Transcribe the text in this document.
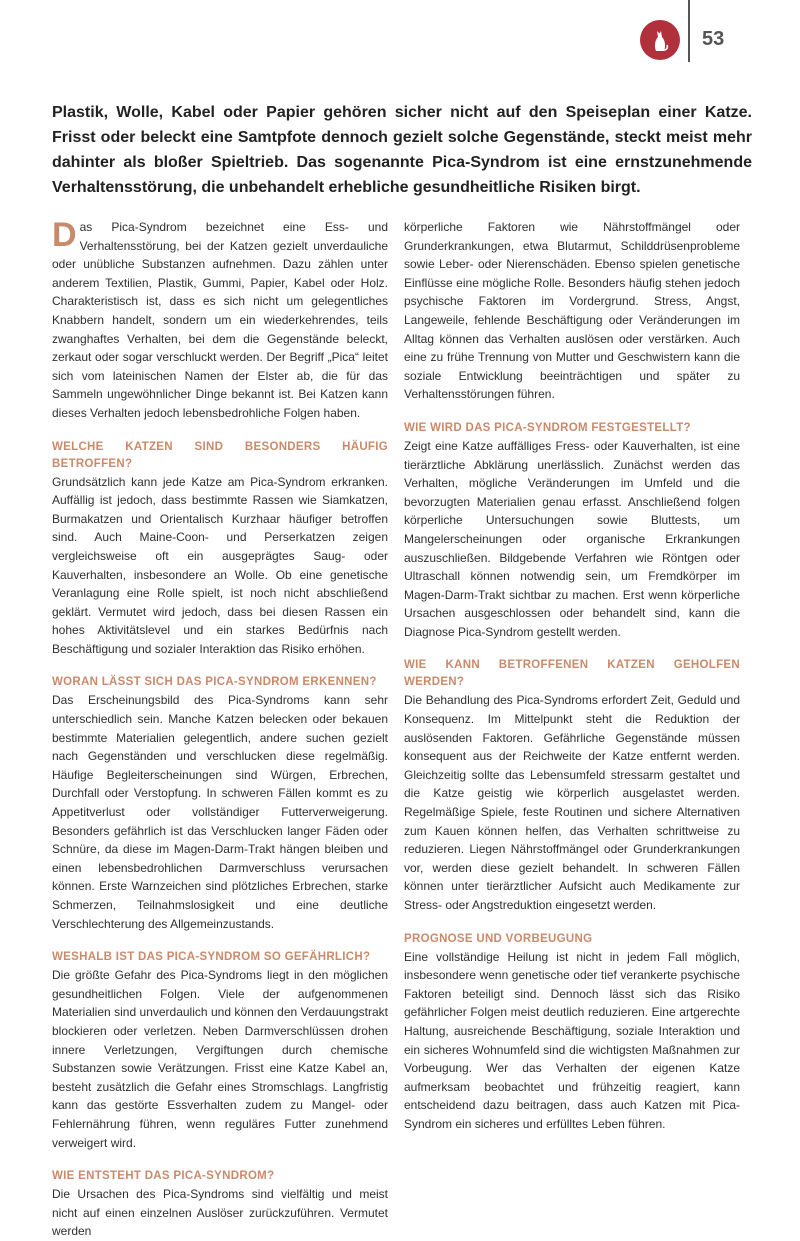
53
Plastik, Wolle, Kabel oder Papier gehören sicher nicht auf den Speiseplan einer Katze. Frisst oder beleckt eine Samtpfote dennoch gezielt solche Gegenstände, steckt meist mehr dahinter als bloßer Spieltrieb. Das sogenannte Pica-Syndrom ist eine ernstzunehmende Verhaltensstörung, die unbehandelt erhebliche gesundheitliche Risiken birgt.

Das Pica-Syndrom bezeichnet eine Ess- und Verhaltensstörung, bei der Katzen gezielt unverdauliche oder unübliche Substanzen aufnehmen. Dazu zählen unter anderem Textilien, Plastik, Gummi, Papier, Kabel oder Holz. Charakteristisch ist, dass es sich nicht um gelegentliches Knabbern handelt, sondern um ein wiederkehrendes, teils zwanghaftes Verhalten, bei dem die Gegenstände beleckt, zerkaut oder sogar verschluckt werden. Der Begriff „Pica“ leitet sich vom lateinischen Namen der Elster ab, die für das Sammeln ungewöhnlicher Dinge bekannt ist. Bei Katzen kann dieses Verhalten jedoch lebensbedrohliche Folgen haben.

WELCHE KATZEN SIND BESONDERS HÄUFIG BETROFFEN?

Grundsätzlich kann jede Katze am Pica-Syndrom erkranken. Auffällig ist jedoch, dass bestimmte Rassen wie Siamkatzen, Burmakatzen und Orientalisch Kurzhaar häufiger betroffen sind. Auch Maine-Coon- und Perserkatzen zeigen vergleichsweise oft ein ausgeprägtes Saug- oder Kauverhalten, insbesondere an Wolle. Ob eine genetische Veranlagung eine Rolle spielt, ist noch nicht abschließend geklärt. Vermutet wird jedoch, dass bei diesen Rassen ein hohes Aktivitätslevel und ein starkes Bedürfnis nach Beschäftigung und sozialer Interaktion das Risiko erhöhen.

WORAN LÄSST SICH DAS PICA-SYNDROM ERKENNEN?

Das Erscheinungsbild des Pica-Syndroms kann sehr unterschiedlich sein. Manche Katzen belecken oder bekauen bestimmte Materialien gelegentlich, andere suchen gezielt nach Gegenständen und verschlucken diese regelmäßig. Häufige Begleiterscheinungen sind Würgen, Erbrechen, Durchfall oder Verstopfung. In schweren Fällen kommt es zu Appetitverlust oder vollständiger Futterverweigerung. Besonders gefährlich ist das Verschlucken langer Fäden oder Schnüre, da diese im Magen-Darm-Trakt hängen bleiben und einen lebensbedrohlichen Darmverschluss verursachen können. Erste Warnzeichen sind plötzliches Erbrechen, starke Schmerzen, Teilnahmslosigkeit und eine deutliche Verschlechterung des Allgemeinzustands.

WESHALB IST DAS PICA-SYNDROM SO GEFÄHRLICH?

Die größte Gefahr des Pica-Syndroms liegt in den möglichen gesundheitlichen Folgen. Viele der aufgenommenen Materialien sind unverdaulich und können den Verdauungstrakt blockieren oder verletzen. Neben Darmverschlüssen drohen innere Verletzungen, Vergiftungen durch chemische Substanzen sowie Verätzungen. Frisst eine Katze Kabel an, besteht zusätzlich die Gefahr eines Stromschlags. Langfristig kann das gestörte Essverhalten zudem zu Mangel- oder Fehlernährung führen, wenn reguläres Futter zunehmend verweigert wird.

WIE ENTSTEHT DAS PICA-SYNDROM?

Die Ursachen des Pica-Syndroms sind vielfältig und meist nicht auf einen einzelnen Auslöser zurückzuführen. Vermutet werden

körperliche Faktoren wie Nährstoffmängel oder Grunderkrankungen, etwa Blutarmut, Schilddrüsenprobleme sowie Leber- oder Nierenschäden. Ebenso spielen genetische Einflüsse eine mögliche Rolle. Besonders häufig stehen jedoch psychische Faktoren im Vordergrund. Stress, Angst, Langeweile, fehlende Beschäftigung oder Veränderungen im Alltag können das Verhalten auslösen oder verstärken. Auch eine zu frühe Trennung von Mutter und Geschwistern kann die soziale Entwicklung beeinträchtigen und später zu Verhaltensstörungen führen.

WIE WIRD DAS PICA-SYNDROM FESTGESTELLT?

Zeigt eine Katze auffälliges Fress- oder Kauverhalten, ist eine tierärztliche Abklärung unerlässlich. Zunächst werden das Verhalten, mögliche Veränderungen im Umfeld und die bevorzugten Materialien genau erfasst. Anschließend folgen körperliche Untersuchungen sowie Bluttests, um Mangelerscheinungen oder organische Erkrankungen auszuschließen. Bildgebende Verfahren wie Röntgen oder Ultraschall können notwendig sein, um Fremdkörper im Magen-Darm-Trakt sichtbar zu machen. Erst wenn körperliche Ursachen ausgeschlossen oder behandelt sind, kann die Diagnose Pica-Syndrom gestellt werden.

WIE KANN BETROFFENEN KATZEN GEHOLFEN WERDEN?

Die Behandlung des Pica-Syndroms erfordert Zeit, Geduld und Konsequenz. Im Mittelpunkt steht die Reduktion der auslösenden Faktoren. Gefährliche Gegenstände müssen konsequent aus der Reichweite der Katze entfernt werden. Gleichzeitig sollte das Lebensumfeld stressarm gestaltet und die Katze geistig wie körperlich ausgelastet werden. Regelmäßige Spiele, feste Routinen und sichere Alternativen zum Kauen können helfen, das Verhalten schrittweise zu reduzieren. Liegen Nährstoffmängel oder Grunderkrankungen vor, werden diese gezielt behandelt. In schweren Fällen können unter tierärztlicher Aufsicht auch Medikamente zur Stress- oder Angstreduktion eingesetzt werden.

PROGNOSE UND VORBEUGUNG

Eine vollständige Heilung ist nicht in jedem Fall möglich, insbesondere wenn genetische oder tief verankerte psychische Faktoren beteiligt sind. Dennoch lässt sich das Risiko gefährlicher Folgen meist deutlich reduzieren. Eine artgerechte Haltung, ausreichende Beschäftigung, soziale Interaktion und ein sicheres Wohnumfeld sind die wichtigsten Maßnahmen zur Vorbeugung. Wer das Verhalten der eigenen Katze aufmerksam beobachtet und frühzeitig reagiert, kann entscheidend dazu beitragen, dass auch Katzen mit Pica-Syndrom ein sicheres und erfülltes Leben führen.
